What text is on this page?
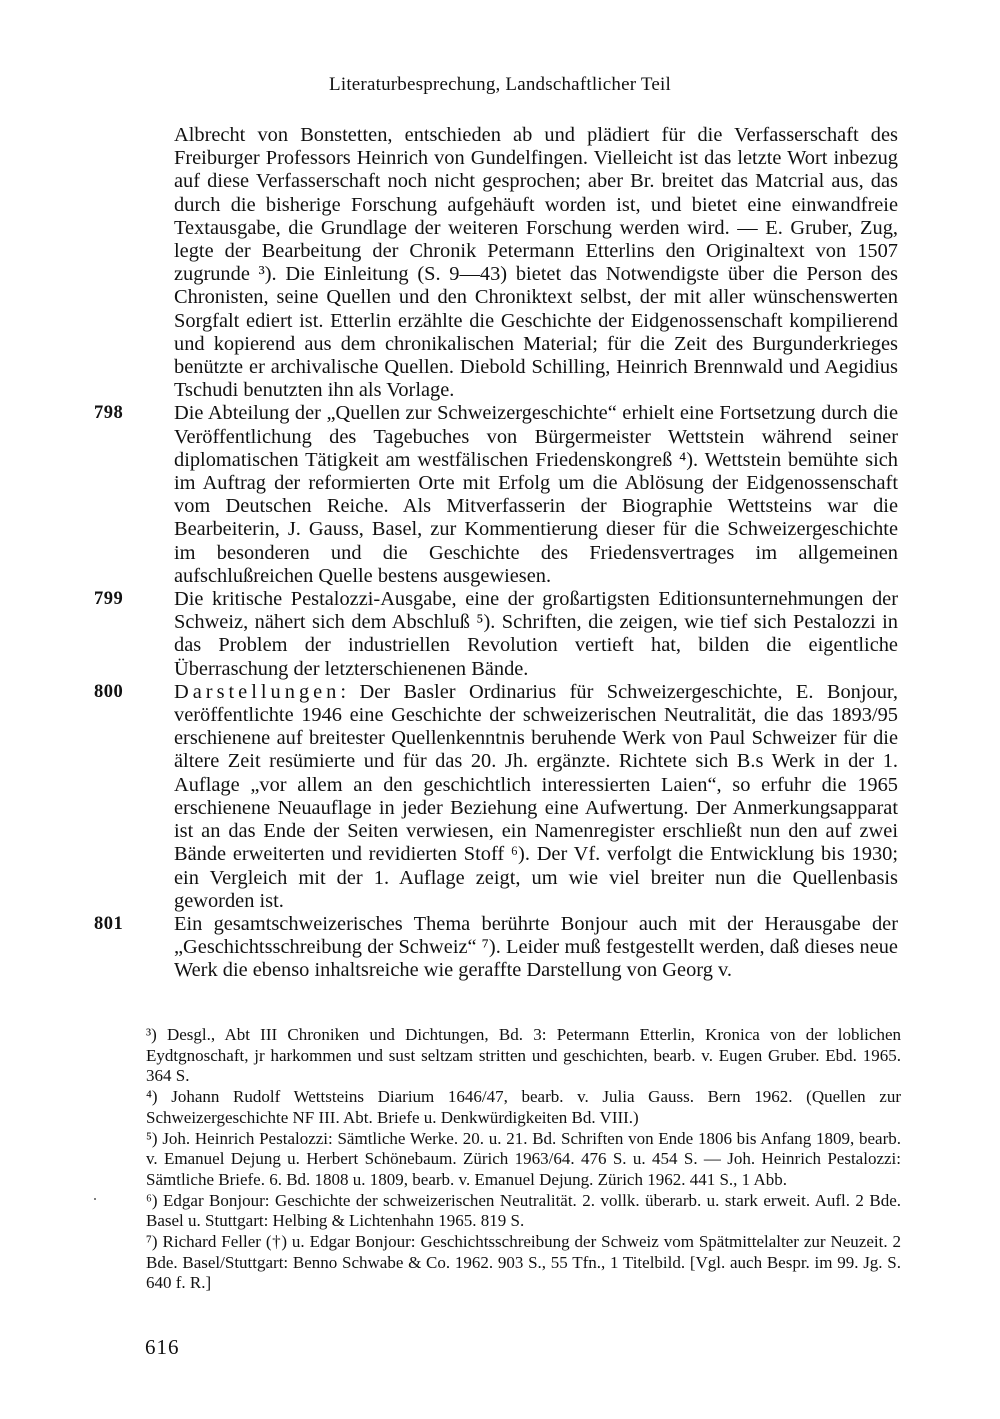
Literaturbesprechung, Landschaftlicher Teil

Albrecht von Bonstetten, entschieden ab und plädiert für die Verfasserschaft des Freiburger Professors Heinrich von Gundelfingen. Vielleicht ist das letzte Wort inbezug auf diese Verfasserschaft noch nicht gesprochen; aber Br. breitet das Matcrial aus, das durch die bisherige Forschung aufgehäuft worden ist, und bietet eine einwandfreie Textausgabe, die Grundlage der weiteren Forschung werden wird. — E. Gruber, Zug, legte der Bearbeitung der Chronik Petermann Etterlins den Originaltext von 1507 zugrunde ³). Die Einleitung (S. 9—43) bietet das Notwendigste über die Person des Chronisten, seine Quellen und den Chroniktext selbst, der mit aller wünschenswerten Sorgfalt ediert ist. Etterlin erzählte die Geschichte der Eidgenossenschaft kompilierend und kopierend aus dem chronikalischen Material; für die Zeit des Burgunderkrieges benützte er archivalische Quellen. Diebold Schilling, Heinrich Brennwald und Aegidius Tschudi benutzten ihn als Vorlage.

798 Die Abteilung der „Quellen zur Schweizergeschichte“ erhielt eine Fortsetzung durch die Veröffentlichung des Tagebuches von Bürgermeister Wettstein während seiner diplomatischen Tätigkeit am westfälischen Friedenskongreß ⁴). Wettstein bemühte sich im Auftrag der reformierten Orte mit Erfolg um die Ablösung der Eidgenossenschaft vom Deutschen Reiche. Als Mitverfasserin der Biographie Wettsteins war die Bearbeiterin, J. Gauss, Basel, zur Kommentierung dieser für die Schweizergeschichte im besonderen und die Geschichte des Friedensvertrages im allgemeinen aufschlußreichen Quelle bestens ausgewiesen.

799 Die kritische Pestalozzi-Ausgabe, eine der großartigsten Editionsunternehmungen der Schweiz, nähert sich dem Abschluß ⁵). Schriften, die zeigen, wie tief sich Pestalozzi in das Problem der industriellen Revolution vertieft hat, bilden die eigentliche Überraschung der letzterschienenen Bände.

800 Darstellungen: Der Basler Ordinarius für Schweizergeschichte, E. Bonjour, veröffentlichte 1946 eine Geschichte der schweizerischen Neutralität, die das 1893/95 erschienene auf breitester Quellenkenntnis beruhende Werk von Paul Schweizer für die ältere Zeit resümierte und für das 20. Jh. ergänzte. Richtete sich B.s Werk in der 1. Auflage „vor allem an den geschichtlich interessierten Laien“, so erfuhr die 1965 erschienene Neuauflage in jeder Beziehung eine Aufwertung. Der Anmerkungsapparat ist an das Ende der Seiten verwiesen, ein Namenregister erschließt nun den auf zwei Bände erweiterten und revidierten Stoff ⁶). Der Vf. verfolgt die Entwicklung bis 1930; ein Vergleich mit der 1. Auflage zeigt, um wie viel breiter nun die Quellenbasis geworden ist.

801 Ein gesamtschweizerisches Thema berührte Bonjour auch mit der Herausgabe der „Geschichtsschreibung der Schweiz“ ⁷). Leider muß festgestellt werden, daß dieses neue Werk die ebenso inhaltsreiche wie geraffte Darstellung von Georg v.

³) Desgl., Abt III Chroniken und Dichtungen, Bd. 3: Petermann Etterlin, Kronica von der loblichen Eydtgnoschaft, jr harkommen und sust seltzam stritten und geschichten, bearb. v. Eugen Gruber. Ebd. 1965. 364 S.

⁴) Johann Rudolf Wettsteins Diarium 1646/47, bearb. v. Julia Gauss. Bern 1962. (Quellen zur Schweizergeschichte NF III. Abt. Briefe u. Denkwürdigkeiten Bd. VIII.)

⁵) Joh. Heinrich Pestalozzi: Sämtliche Werke. 20. u. 21. Bd. Schriften von Ende 1806 bis Anfang 1809, bearb. v. Emanuel Dejung u. Herbert Schönebaum. Zürich 1963/64. 476 S. u. 454 S. — Joh. Heinrich Pestalozzi: Sämtliche Briefe. 6. Bd. 1808 u. 1809, bearb. v. Emanuel Dejung. Zürich 1962. 441 S., 1 Abb.

⁶) Edgar Bonjour: Geschichte der schweizerischen Neutralität. 2. vollk. überarb. u. stark erweit. Aufl. 2 Bde. Basel u. Stuttgart: Helbing & Lichtenhahn 1965. 819 S.

⁷) Richard Feller (†) u. Edgar Bonjour: Geschichtsschreibung der Schweiz vom Spätmittelalter zur Neuzeit. 2 Bde. Basel/Stuttgart: Benno Schwabe & Co. 1962. 903 S., 55 Tfn., 1 Titelbild. [Vgl. auch Bespr. im 99. Jg. S. 640 f. R.]

616
